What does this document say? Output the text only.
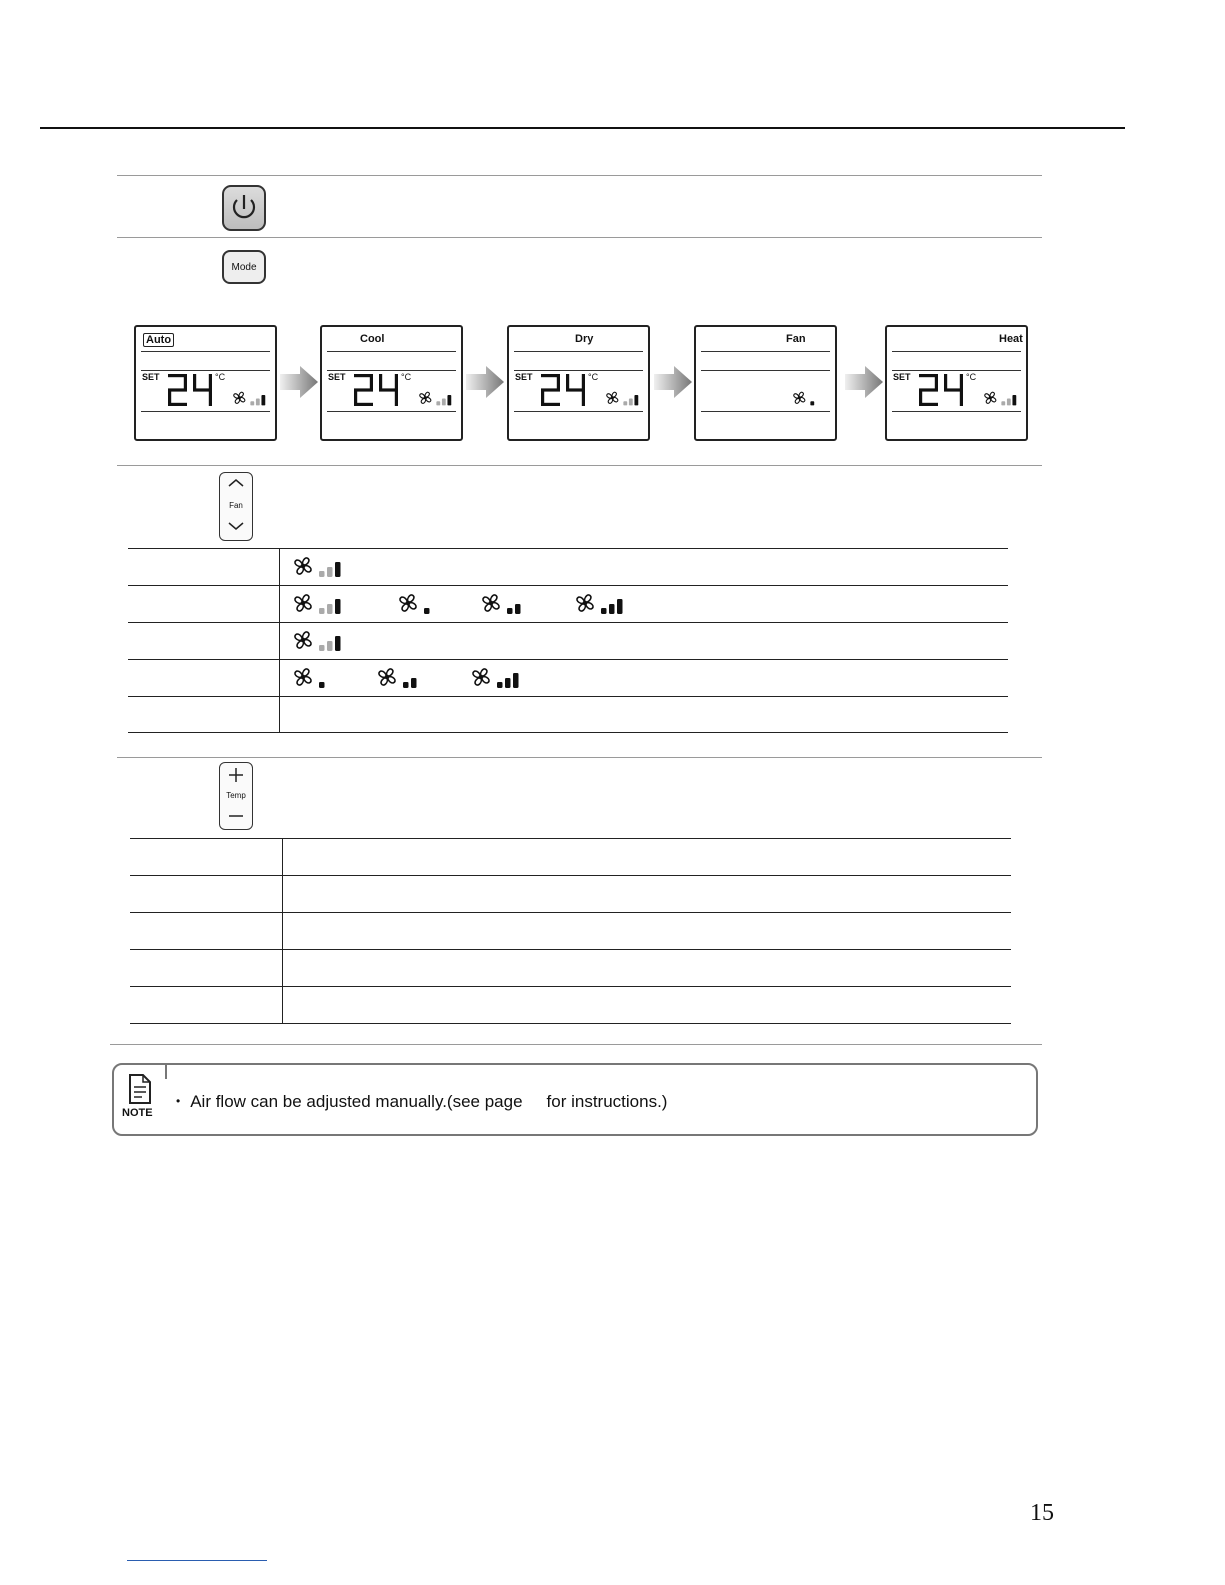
Mode
Auto
SET	°C
Cool
SET	°C
Dry
SET	°C
Fan	Heat
SET	°C
Fan
Temp
NOTE
• Air flow can be adjusted manually.(see page for instructions.)
15
